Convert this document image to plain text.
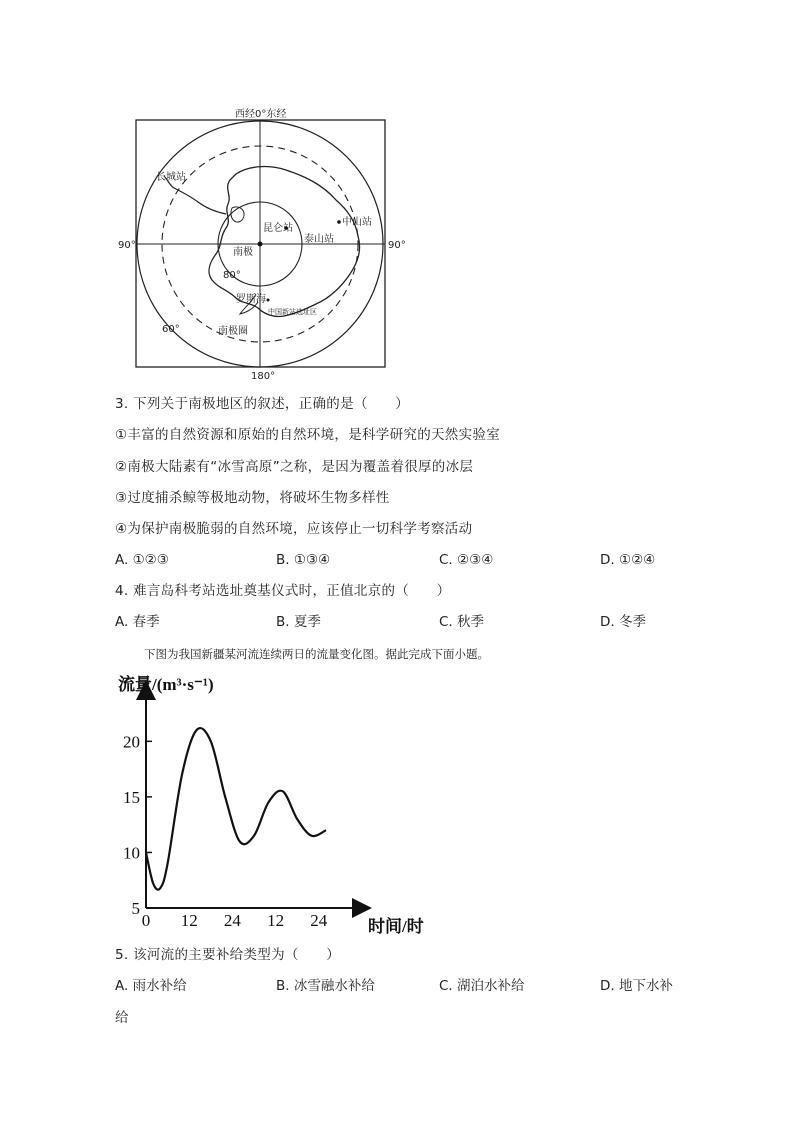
西经0°东经
180°
90°	90°
长城站
昆仑站
中山站
泰山站
南极
80°
60°
罗斯海
中国新站选址区
南极圈
3. 下列关于南极地区的叙述，正确的是（　　）
①丰富的自然资源和原始的自然环境，是科学研究的天然实验室
②南极大陆素有“冰雪高原”之称，是因为覆盖着很厚的冰层
③过度捕杀鲸等极地动物，将破坏生物多样性
④为保护南极脆弱的自然环境，应该停止一切科学考察活动
A. ①②③	B. ①③④	C. ②③④	D. ①②④
4. 难言岛科考站选址奠基仪式时，正值北京的（　　）
A. 春季	B. 夏季	C. 秋季	D. 冬季
下图为我国新疆某河流连续两日的流量变化图。据此完成下面小题。
流量/(m³·s⁻¹)
时间/时
5
10
15
20
0 12 24 12 24
5. 该河流的主要补给类型为（　　）
A. 雨水补给	B. 冰雪融水补给	C. 湖泊水补给	D. 地下水补
给
